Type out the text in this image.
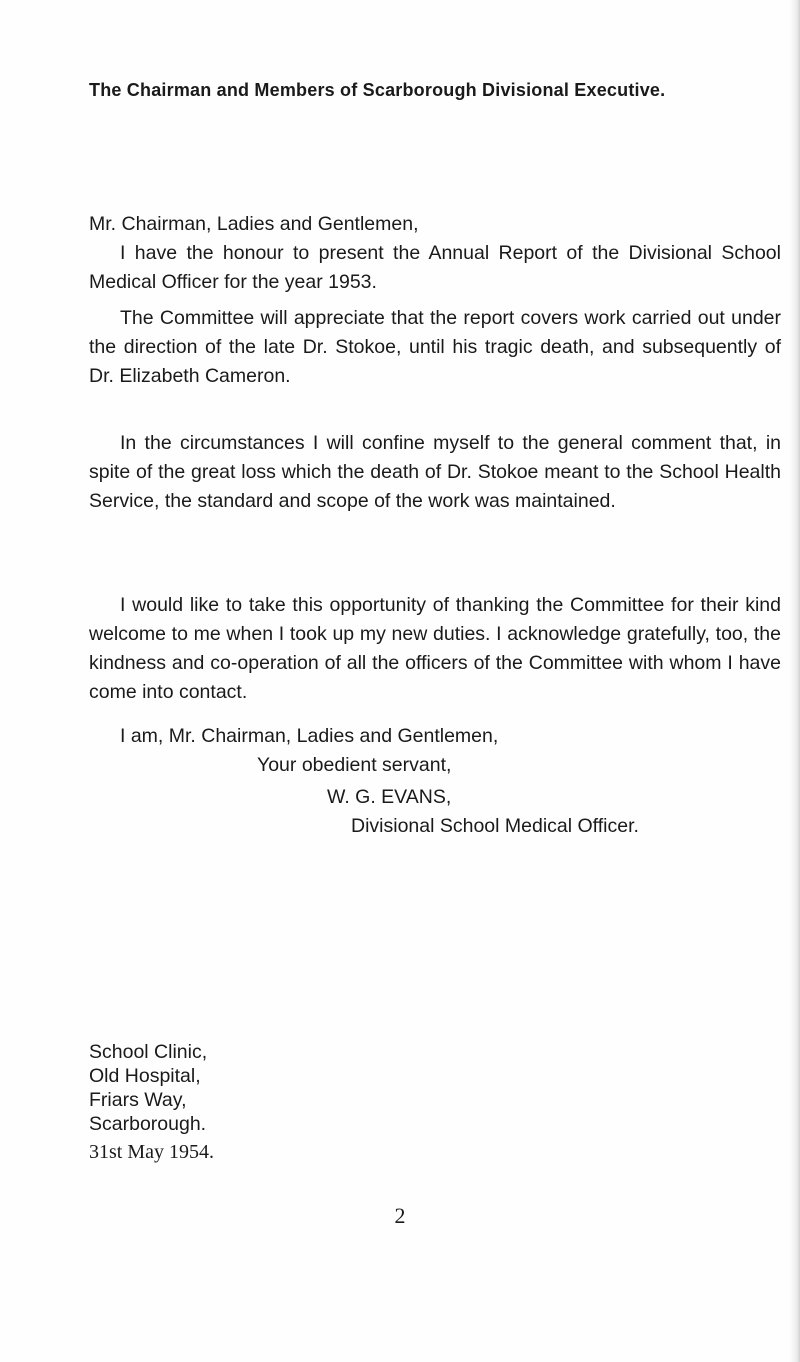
The Chairman and Members of Scarborough Divisional Executive.
Mr. Chairman, Ladies and Gentlemen,
I have the honour to present the Annual Report of the Divisional School Medical Officer for the year 1953.
The Committee will appreciate that the report covers work carried out under the direction of the late Dr. Stokoe, until his tragic death, and subsequently of Dr. Elizabeth Cameron.
In the circumstances I will confine myself to the general comment that, in spite of the great loss which the death of Dr. Stokoe meant to the School Health Service, the standard and scope of the work was maintained.
I would like to take this opportunity of thanking the Committee for their kind welcome to me when I took up my new duties. I acknowledge gratefully, too, the kindness and co-operation of all the officers of the Committee with whom I have come into contact.
I am, Mr. Chairman, Ladies and Gentlemen,
Your obedient servant,
W. G. EVANS,
Divisional School Medical Officer.
School Clinic,
Old Hospital,
Friars Way,
Scarborough.
31st May 1954.
2
